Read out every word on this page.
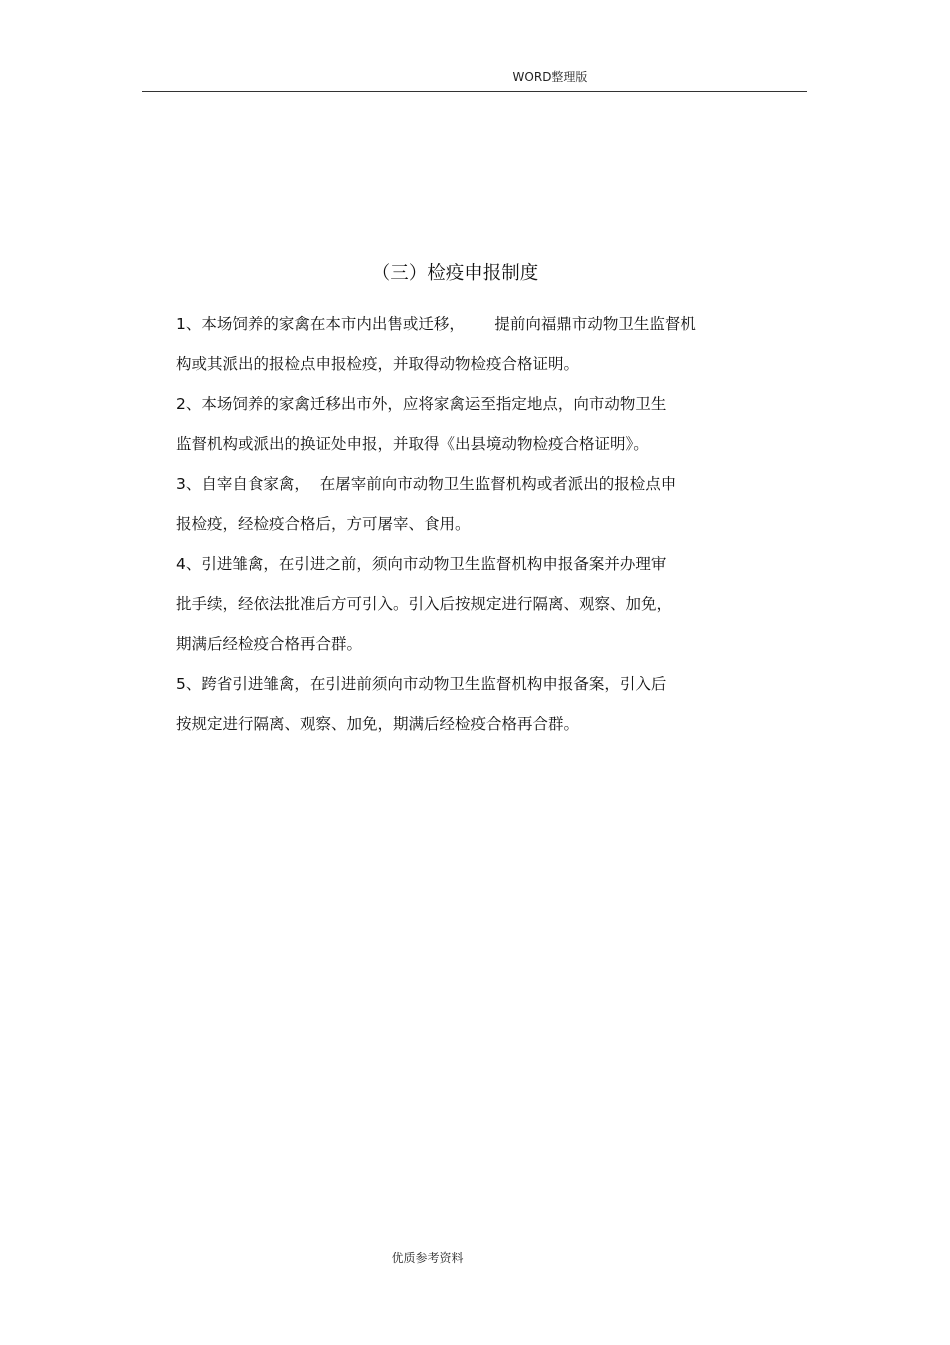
WORD整理版
（三）检疫申报制度

1、本场饲养的家禽在本市内出售或迁移，      提前向福鼎市动物卫生监督机

构或其派出的报检点申报检疫，并取得动物检疫合格证明。

2、本场饲养的家禽迁移出市外，应将家禽运至指定地点，向市动物卫生

监督机构或派出的换证处申报，并取得《出县境动物检疫合格证明》。

3、自宰自食家禽，  在屠宰前向市动物卫生监督机构或者派出的报检点申

报检疫，经检疫合格后，方可屠宰、食用。

4、引进雏禽，在引进之前，须向市动物卫生监督机构申报备案并办理审

批手续，经依法批准后方可引入。引入后按规定进行隔离、观察、加免，

期满后经检疫合格再合群。

5、跨省引进雏禽，在引进前须向市动物卫生监督机构申报备案，引入后

按规定进行隔离、观察、加免，期满后经检疫合格再合群。

优质参考资料
